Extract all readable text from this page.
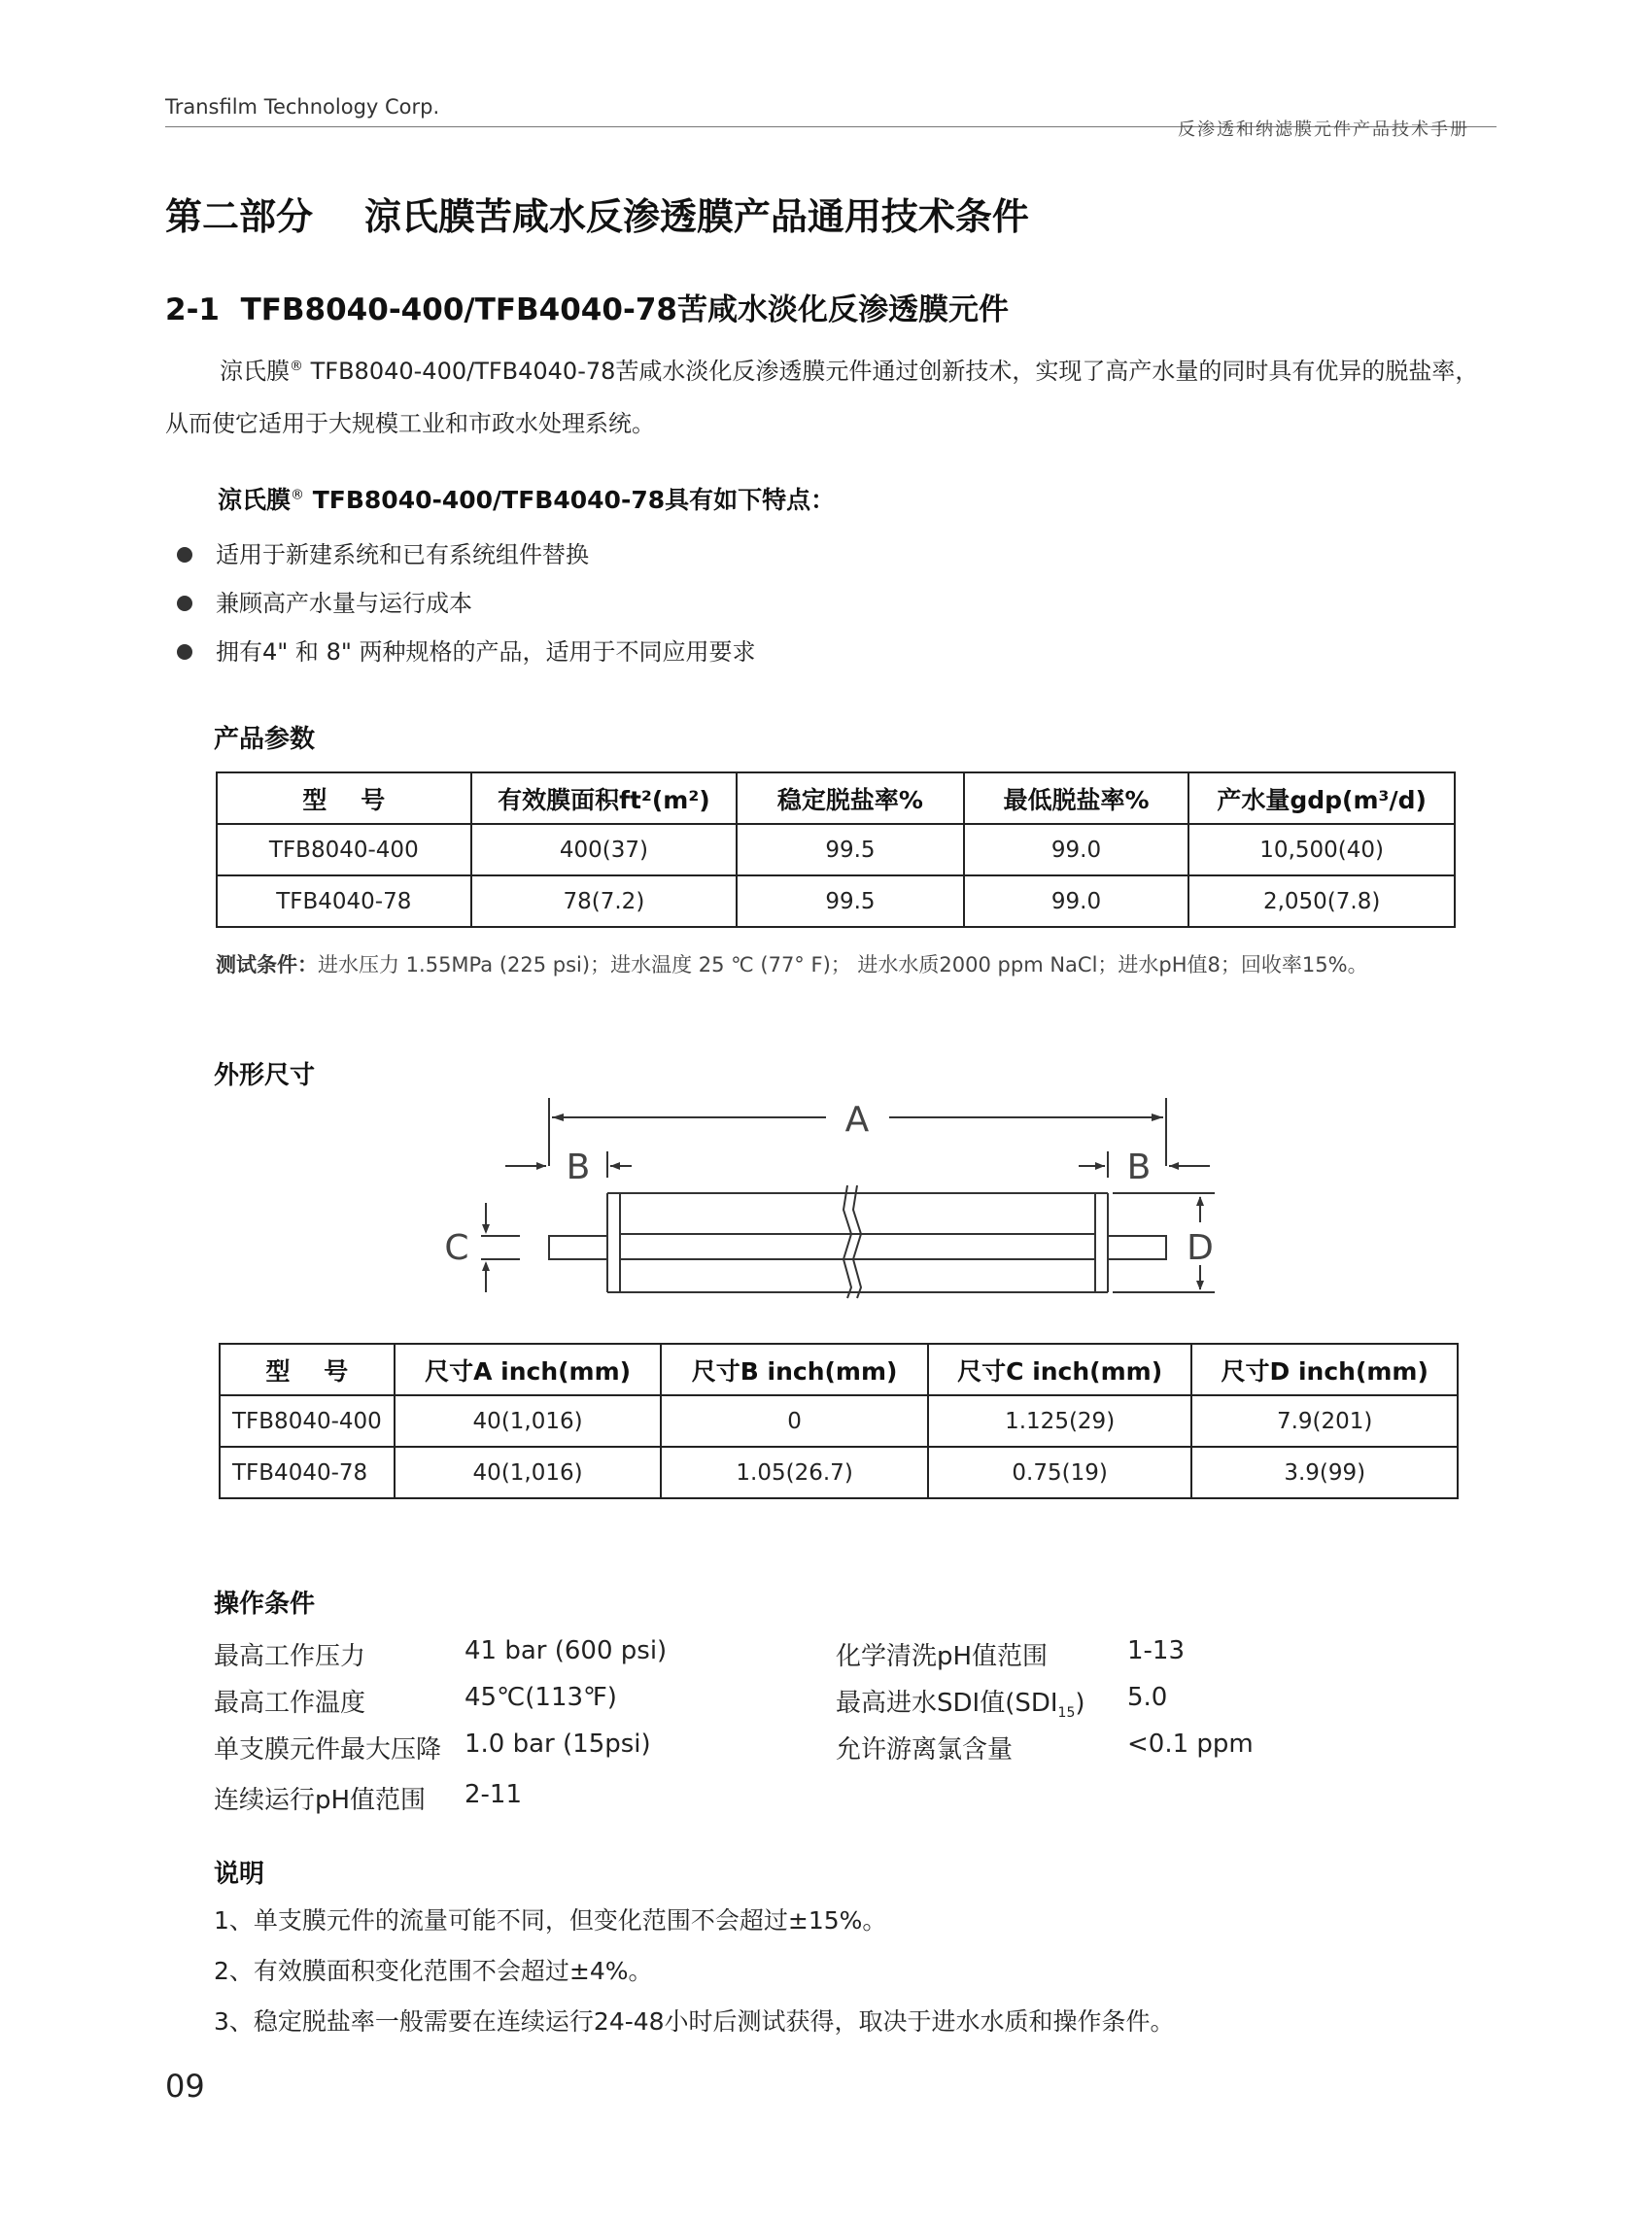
Transfilm Technology Corp.
反渗透和纳滤膜元件产品技术手册
第二部分    涼氏膜苦咸水反渗透膜产品通用技术条件
2-1  TFB8040-400/TFB4040-78苦咸水淡化反渗透膜元件
涼氏膜® TFB8040-400/TFB4040-78苦咸水淡化反渗透膜元件通过创新技术，实现了高产水量的同时具有优异的脱盐率，从而使它适用于大规模工业和市政水处理系统。
涼氏膜® TFB8040-400/TFB4040-78具有如下特点：
适用于新建系统和已有系统组件替换
兼顾高产水量与运行成本
拥有4" 和 8" 两种规格的产品，适用于不同应用要求
产品参数
型    号	有效膜面积ft²(m²)	稳定脱盐率%	最低脱盐率%	产水量gdp(m³/d)
TFB8040-400	400(37)	99.5	99.0	10,500(40)
TFB4040-78	78(7.2)	99.5	99.0	2,050(7.8)
测试条件：进水压力 1.55MPa (225 psi)；进水温度 25 ℃ (77° F)； 进水水质2000 ppm NaCl；进水pH值8；回收率15%。
外形尺寸
A
B	B
C	D
型    号	尺寸A inch(mm)	尺寸B inch(mm)	尺寸C inch(mm)	尺寸D inch(mm)
TFB8040-400	40(1,016)	0	1.125(29)	7.9(201)
TFB4040-78	40(1,016)	1.05(26.7)	0.75(19)	3.9(99)
操作条件
最高工作压力	41 bar (600 psi)
最高工作温度	45℃(113℉)
单支膜元件最大压降 1.0 bar (15psi)
连续运行pH值范围 2-11
化学清洗pH值范围	1-13
最高进水SDI值$(SDI_{15})$ 5.0
允许游离氯含量	<0.1 ppm
说明
1、单支膜元件的流量可能不同，但变化范围不会超过±15%。
2、有效膜面积变化范围不会超过±4%。
3、稳定脱盐率一般需要在连续运行24-48小时后测试获得，取决于进水水质和操作条件。
09
